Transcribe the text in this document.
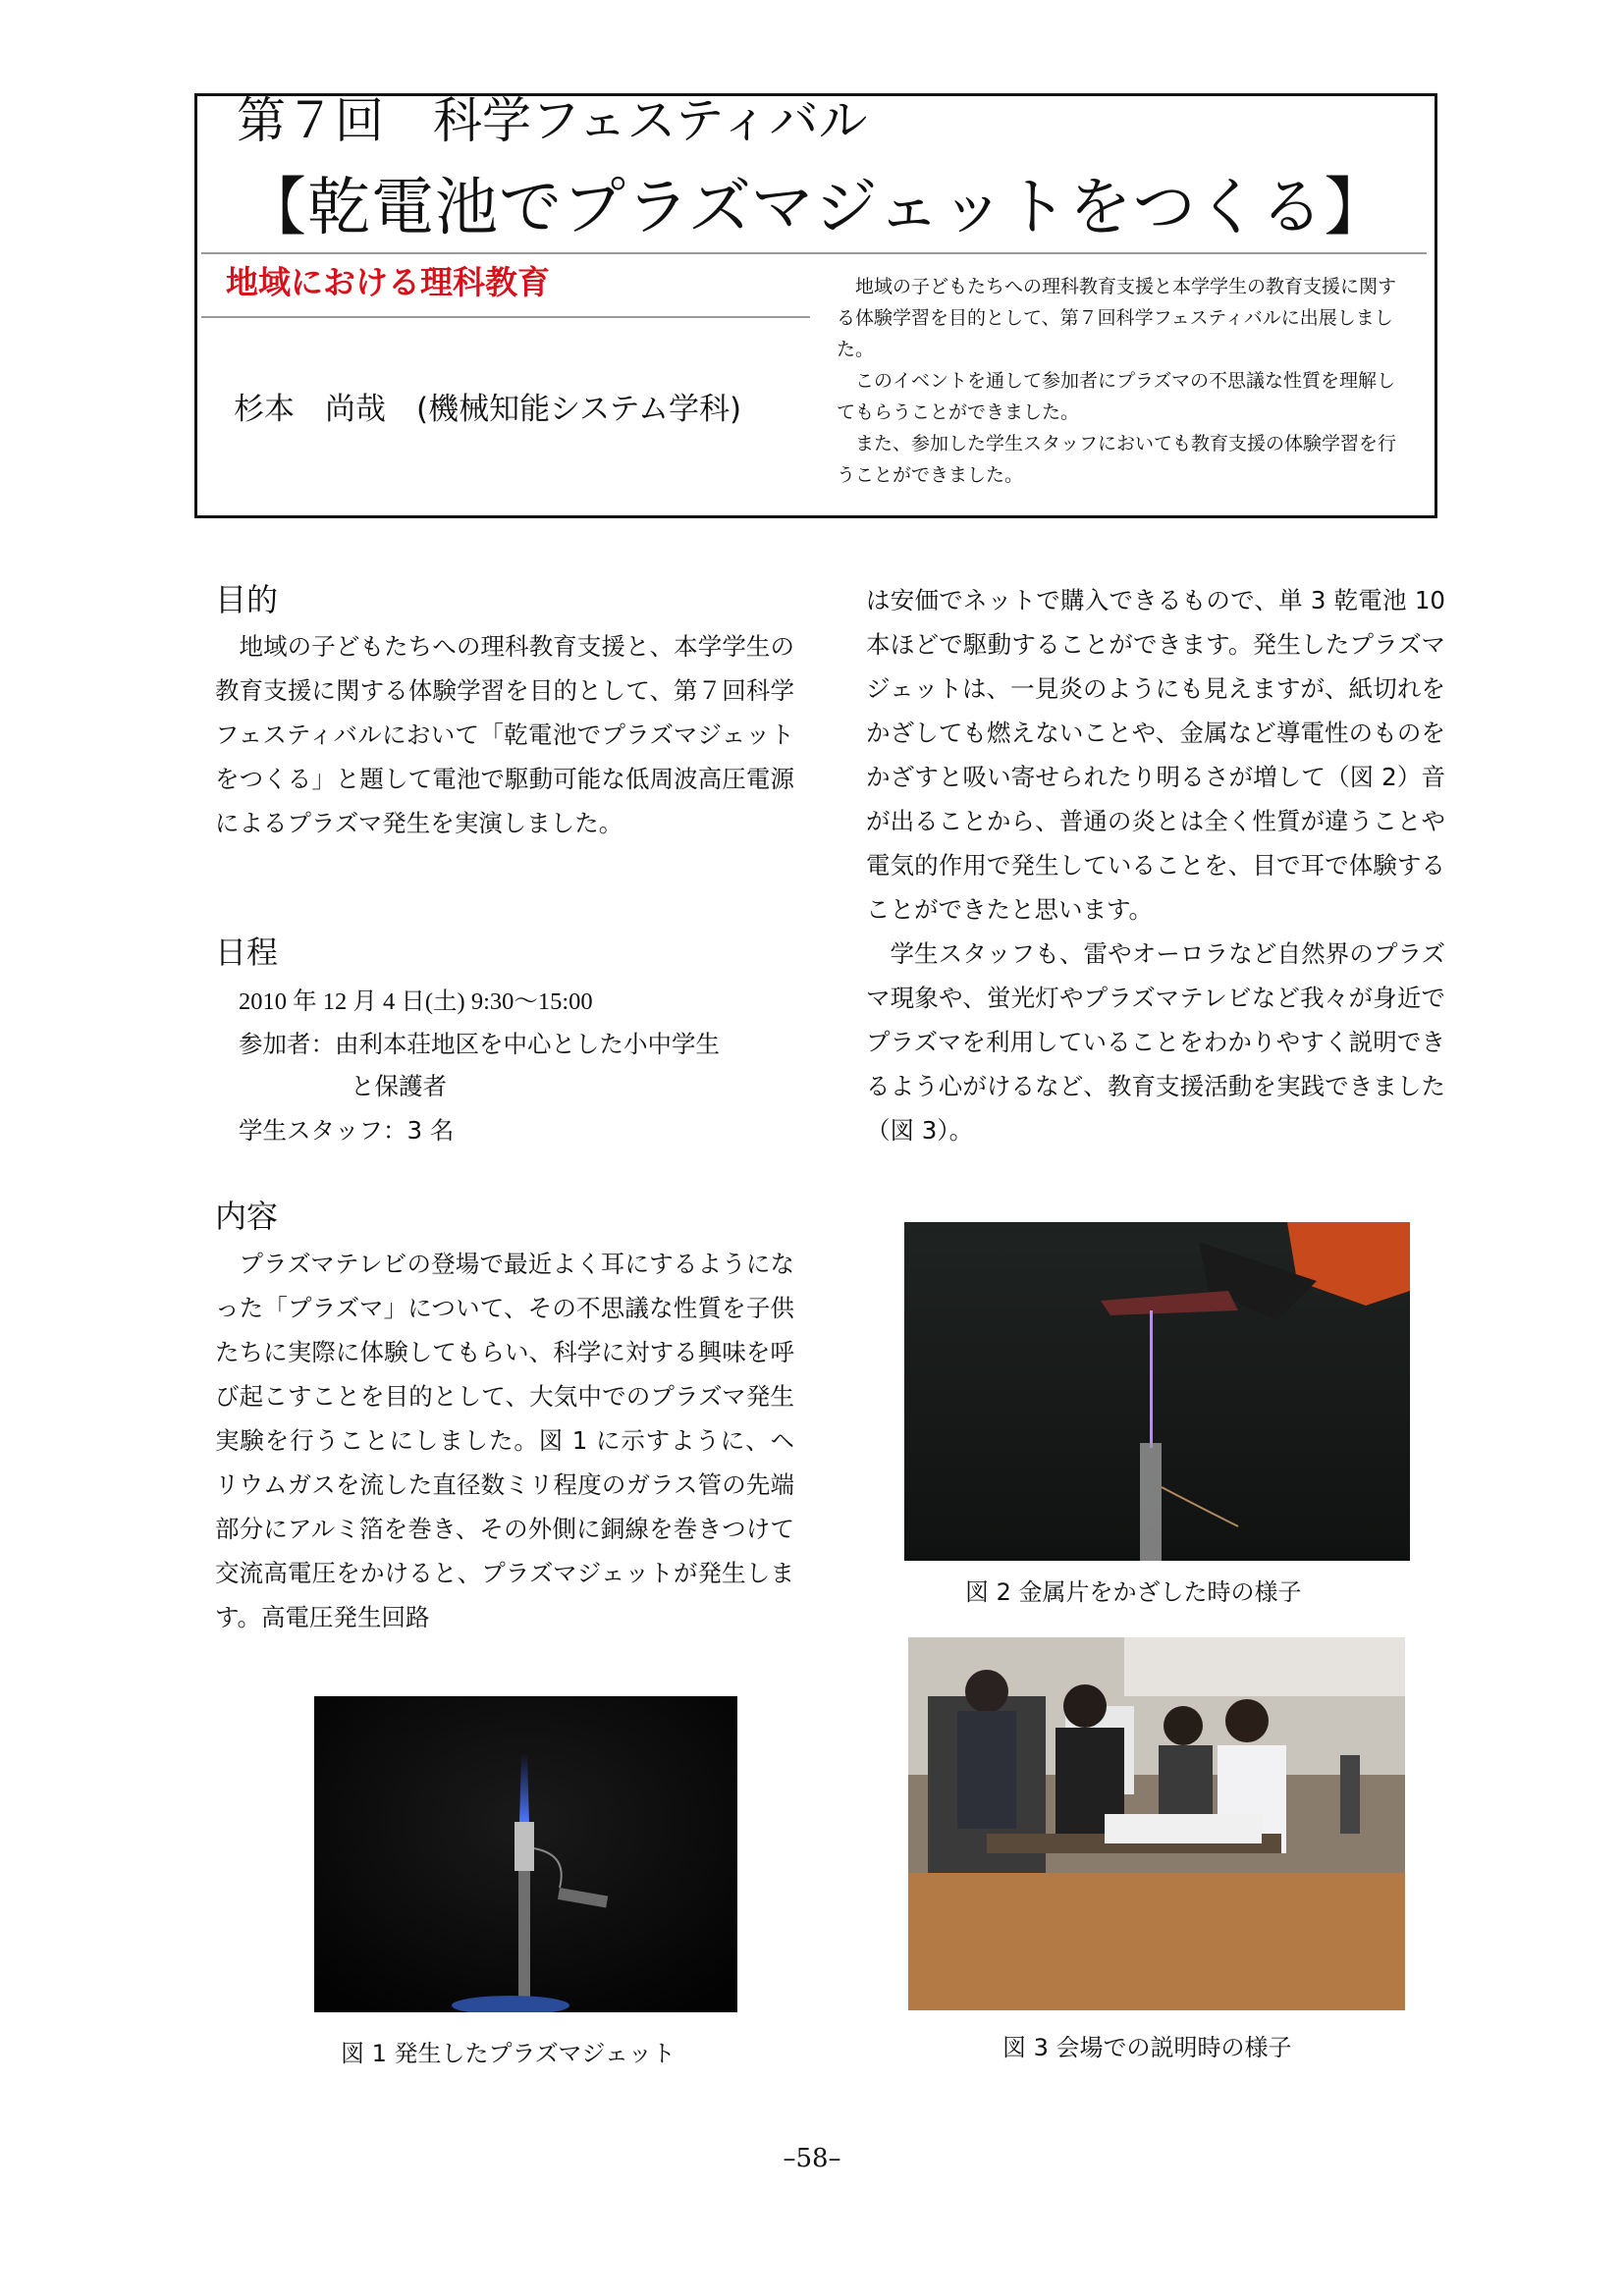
第７回　科学フェスティバル
【乾電池でプラズマジェットをつくる】
地域における理科教育
杉本　尚哉　(機械知能システム学科)

地域の子どもたちへの理科教育支援と本学学生の教育支援に関する体験学習を目的として、第７回科学フェスティバルに出展しました。

このイベントを通して参加者にプラズマの不思議な性質を理解してもらうことができました。

また、参加した学生スタッフにおいても教育支援の体験学習を行うことができました。

目的

地域の子どもたちへの理科教育支援と、本学学生の教育支援に関する体験学習を目的として、第７回科学フェスティバルにおいて「乾電池でプラズマジェットをつくる」と題して電池で駆動可能な低周波高圧電源によるプラズマ発生を実演しました。

日程
2010 年 12 月 4 日(土) 9:30～15:00
参加者：由利本荘地区を中心とした小中学生
と保護者
学生スタッフ：3 名
内容

プラズマテレビの登場で最近よく耳にするようになった「プラズマ」について、その不思議な性質を子供たちに実際に体験してもらい、科学に対する興味を呼び起こすことを目的として、大気中でのプラズマ発生実験を行うことにしました。図 1 に示すように、ヘリウムガスを流した直径数ミリ程度のガラス管の先端部分にアルミ箔を巻き、その外側に銅線を巻きつけて交流高電圧をかけると、プラズマジェットが発生します。高電圧発生回路

図 1 発生したプラズマジェット

は安価でネットで購入できるもので、単 3 乾電池 10 本ほどで駆動することができます。発生したプラズマジェットは、一見炎のようにも見えますが、紙切れをかざしても燃えないことや、金属など導電性のものをかざすと吸い寄せられたり明るさが増して（図 2）音が出ることから、普通の炎とは全く性質が違うことや電気的作用で発生していることを、目で耳で体験することができたと思います。

学生スタッフも、雷やオーロラなど自然界のプラズマ現象や、蛍光灯やプラズマテレビなど我々が身近でプラズマを利用していることをわかりやすく説明できるよう心がけるなど、教育支援活動を実践できました（図 3）。

図 2 金属片をかざした時の様子
図 3 会場での説明時の様子
–58–
